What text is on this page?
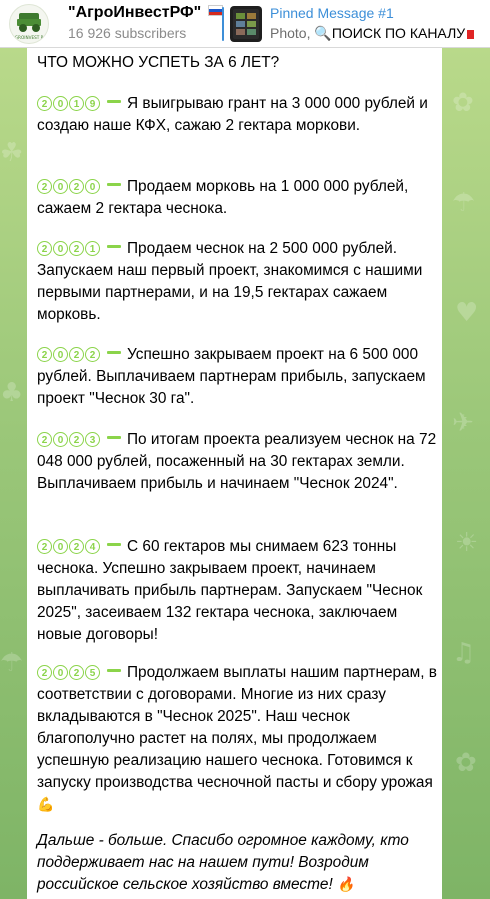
✿
☂
♥
✈
☀
♫
✿
☘
♣
☂
AGROINVEST RF
"АгроИнвестРФ"
16 926 subscribers
Pinned Message #1
Photo, 🔍ПОИСК ПО КАНАЛУ
ЧТО МОЖНО УСПЕТЬ ЗА 6 ЛЕТ?
2 0 1 9 Я выигрываю грант на 3 000 000 рублей и создаю наше КФХ, сажаю 2 гектара моркови.
2 0 2 0 Продаем морковь на 1 000 000 рублей, сажаем 2 гектара чеснока.
2 0 2 1 Продаем чеснок на 2 500 000 рублей. Запускаем наш первый проект, знакомимся с нашими первыми партнерами, и на 19,5 гектарах сажаем морковь.
2 0 2 2 Успешно закрываем проект на 6 500 000 рублей. Выплачиваем партнерам прибыль, запускаем проект "Чеснок 30 га".
2 0 2 3 По итогам проекта реализуем чеснок на 72 048 000 рублей, посаженный на 30 гектарах земли. Выплачиваем прибыль и начинаем "Чеснок 2024".
2 0 2 4 С 60 гектаров мы снимаем 623 тонны чеснока. Успешно закрываем проект, начинаем выплачивать прибыль партнерам. Запускаем "Чеснок 2025", засеиваем 132 гектара чеснока, заключаем новые договоры!
2 0 2 5 Продолжаем выплаты нашим партнерам, в соответствии с договорами. Многие из них сразу вкладываются в "Чеснок 2025". Наш чеснок благополучно растет на полях, мы продолжаем успешную реализацию нашего чеснока. Готовимся к запуску производства чесночной пасты и сбору урожая 💪
Дальше - больше. Спасибо огромное каждому, кто поддерживает нас на нашем пути! Возродим российское сельское хозяйство вместе! 🔥
